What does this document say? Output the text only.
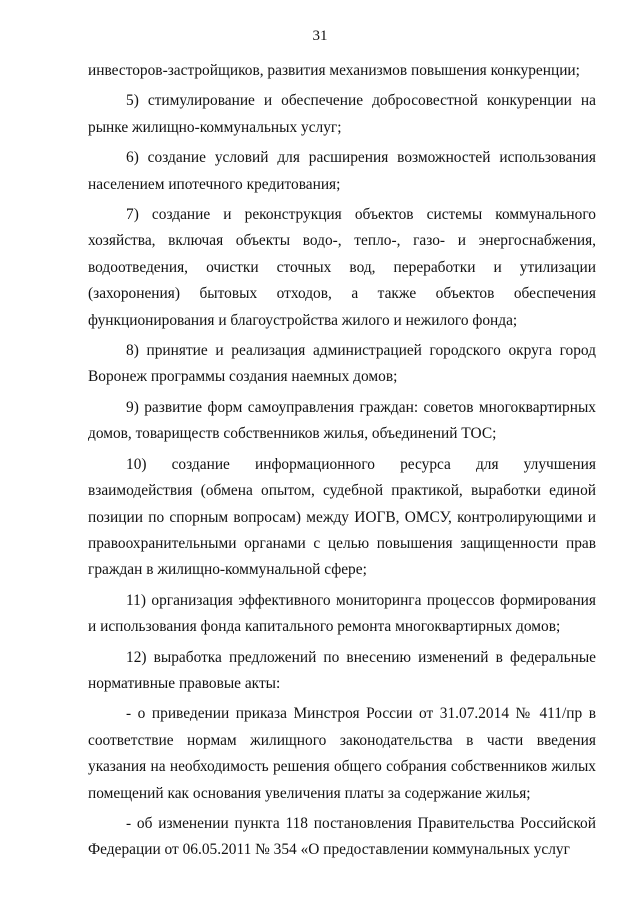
31

инвесторов-застройщиков, развития механизмов повышения конкуренции;

5) стимулирование и обеспечение добросовестной конкуренции на рынке жилищно-коммунальных услуг;

6) создание условий для расширения возможностей использования населением ипотечного кредитования;

7) создание и реконструкция объектов системы коммунального хозяйства, включая объекты водо-, тепло-, газо- и энергоснабжения, водоотведения, очистки сточных вод, переработки и утилизации (захоронения) бытовых отходов, а также объектов обеспечения функционирования и благоустройства жилого и нежилого фонда;

8) принятие и реализация администрацией городского округа город Воронеж программы создания наемных домов;

9) развитие форм самоуправления граждан: советов многоквартирных домов, товариществ собственников жилья, объединений ТОС;

10) создание информационного ресурса для улучшения взаимодействия (обмена опытом, судебной практикой, выработки единой позиции по спорным вопросам) между ИОГВ, ОМСУ, контролирующими и правоохранительными органами с целью повышения защищенности прав граждан в жилищно-коммунальной сфере;

11) организация эффективного мониторинга процессов формирования и использования фонда капитального ремонта многоквартирных домов;

12) выработка предложений по внесению изменений в федеральные нормативные правовые акты:

- о приведении приказа Минстроя России от 31.07.2014 № 411/пр в соответствие нормам жилищного законодательства в части введения указания на необходимость решения общего собрания собственников жилых помещений как основания увеличения платы за содержание жилья;

- об изменении пункта 118 постановления Правительства Российской Федерации от 06.05.2011 № 354 «О предоставлении коммунальных услуг
